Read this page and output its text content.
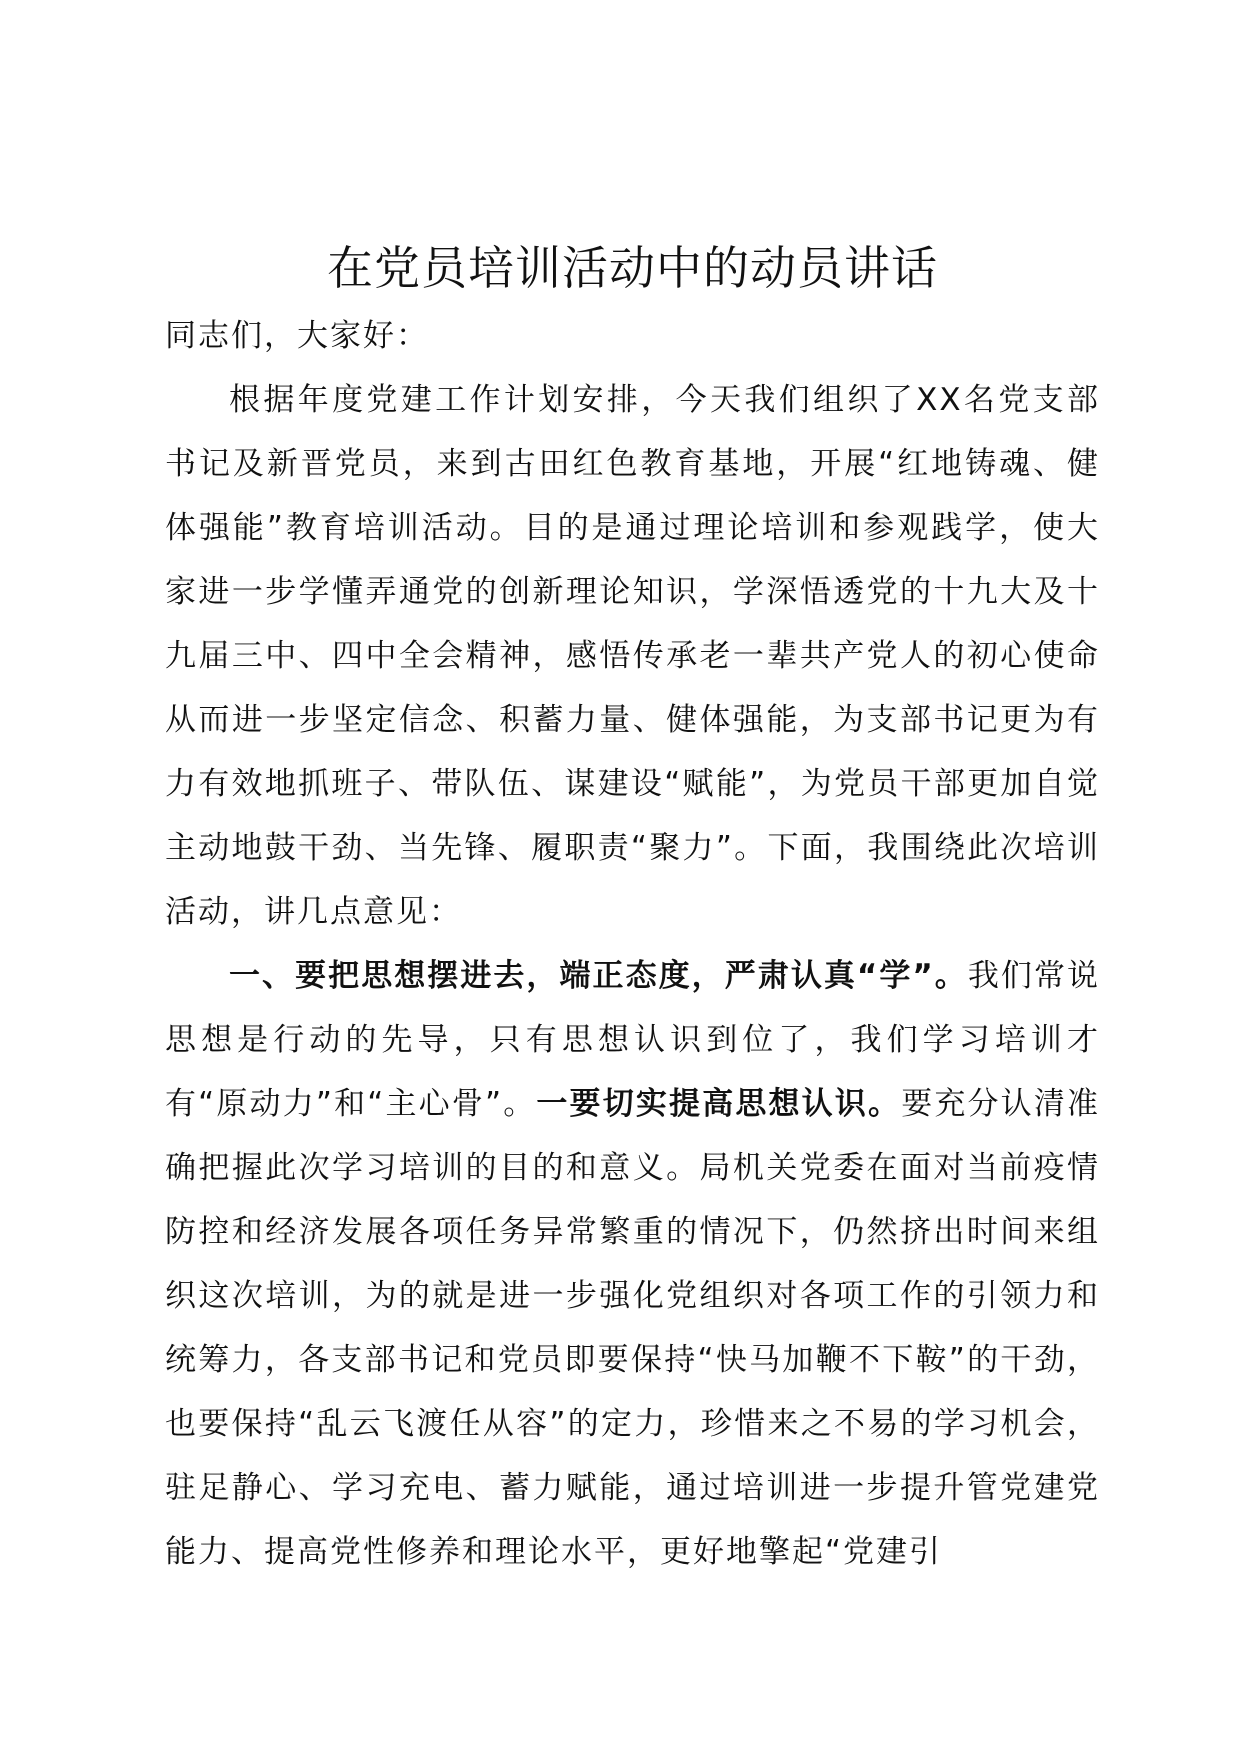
在党员培训活动中的动员讲话

同志们，大家好：

根据年度党建工作计划安排，今天我们组织了XX名党支部书记及新晋党员，来到古田红色教育基地，开展“红地铸魂、健体强能”教育培训活动。目的是通过理论培训和参观践学，使大家进一步学懂弄通党的创新理论知识，学深悟透党的十九大及十九届三中、四中全会精神，感悟传承老一辈共产党人的初心使命从而进一步坚定信念、积蓄力量、健体强能，为支部书记更为有力有效地抓班子、带队伍、谋建设“赋能”，为党员干部更加自觉主动地鼓干劲、当先锋、履职责“聚力”。下面，我围绕此次培训活动，讲几点意见：

一、要把思想摆进去，端正态度，严肃认真“学”。我们常说思想是行动的先导，只有思想认识到位了，我们学习培训才有“原动力”和“主心骨”。一要切实提高思想认识。要充分认清准确把握此次学习培训的目的和意义。局机关党委在面对当前疫情防控和经济发展各项任务异常繁重的情况下，仍然挤出时间来组织这次培训，为的就是进一步强化党组织对各项工作的引领力和统筹力，各支部书记和党员即要保持“快马加鞭不下鞍”的干劲，也要保持“乱云飞渡任从容”的定力，珍惜来之不易的学习机会，驻足静心、学习充电、蓄力赋能，通过培训进一步提升管党建党能力、提高党性修养和理论水平，更好地擎起“党建引
